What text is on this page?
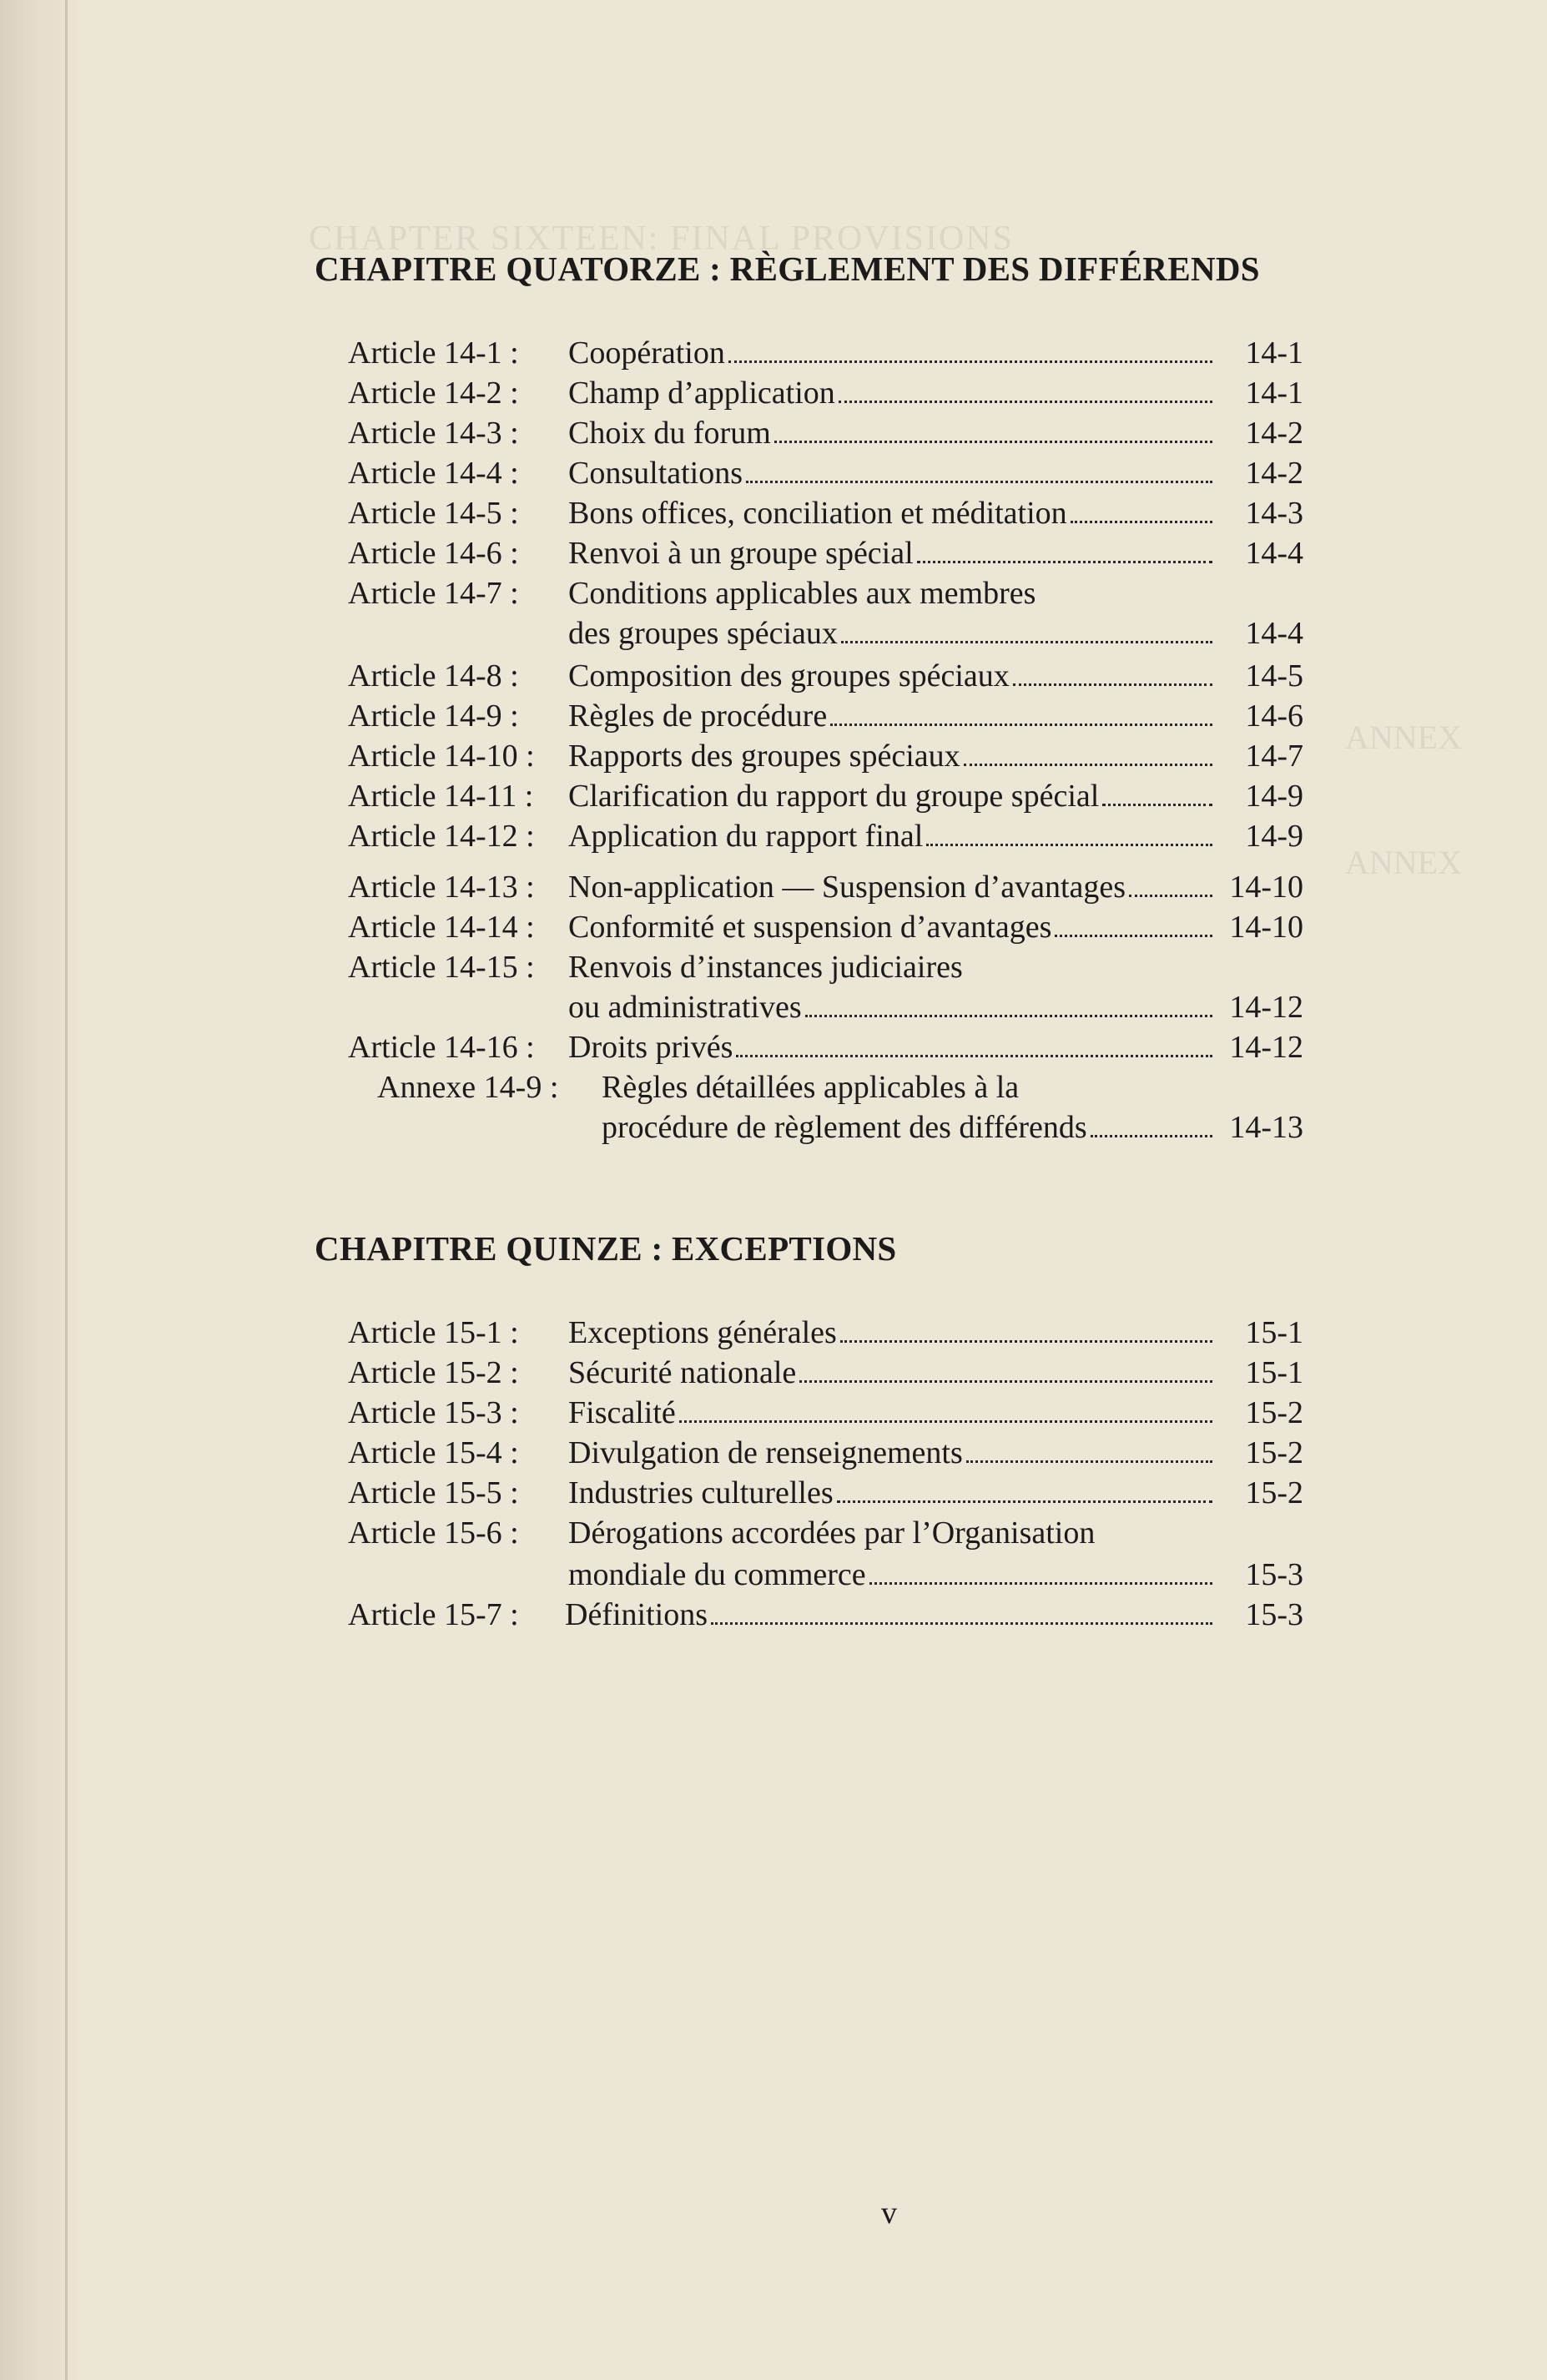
CHAPTER SIXTEEN: FINAL PROVISIONS
ANNEX
ANNEX
CHAPITRE QUATORZE : RÈGLEMENT DES DIFFÉRENDS
Article 14-1 : Coopération	14-1
Article 14-2 : Champ d’application	14-1
Article 14-3 : Choix du forum	14-2
Article 14-4 : Consultations	14-2
Article 14-5 : Bons offices, conciliation et méditation	14-3
Article 14-6 : Renvoi à un groupe spécial	14-4
Article 14-7 : Conditions applicables aux membres
des groupes spéciaux	14-4
Article 14-8 : Composition des groupes spéciaux	14-5
Article 14-9 : Règles de procédure	14-6
Article 14-10 : Rapports des groupes spéciaux	14-7
Article 14-11 : Clarification du rapport du groupe spécial	14-9
Article 14-12 : Application du rapport final	14-9
Article 14-13 : Non-application — Suspension d’avantages	14-10
Article 14-14 : Conformité et suspension d’avantages	14-10
Article 14-15 : Renvois d’instances judiciaires
ou administratives	14-12
Article 14-16 : Droits privés	14-12
Annexe 14-9 : Règles détaillées applicables à la
procédure de règlement des différends	14-13
CHAPITRE QUINZE : EXCEPTIONS
Article 15-1 : Exceptions générales	15-1
Article 15-2 : Sécurité nationale	15-1
Article 15-3 : Fiscalité	15-2
Article 15-4 : Divulgation de renseignements	15-2
Article 15-5 : Industries culturelles	15-2
Article 15-6 : Dérogations accordées par l’Organisation
mondiale du commerce	15-3
Article 15-7 : Définitions	15-3
v
